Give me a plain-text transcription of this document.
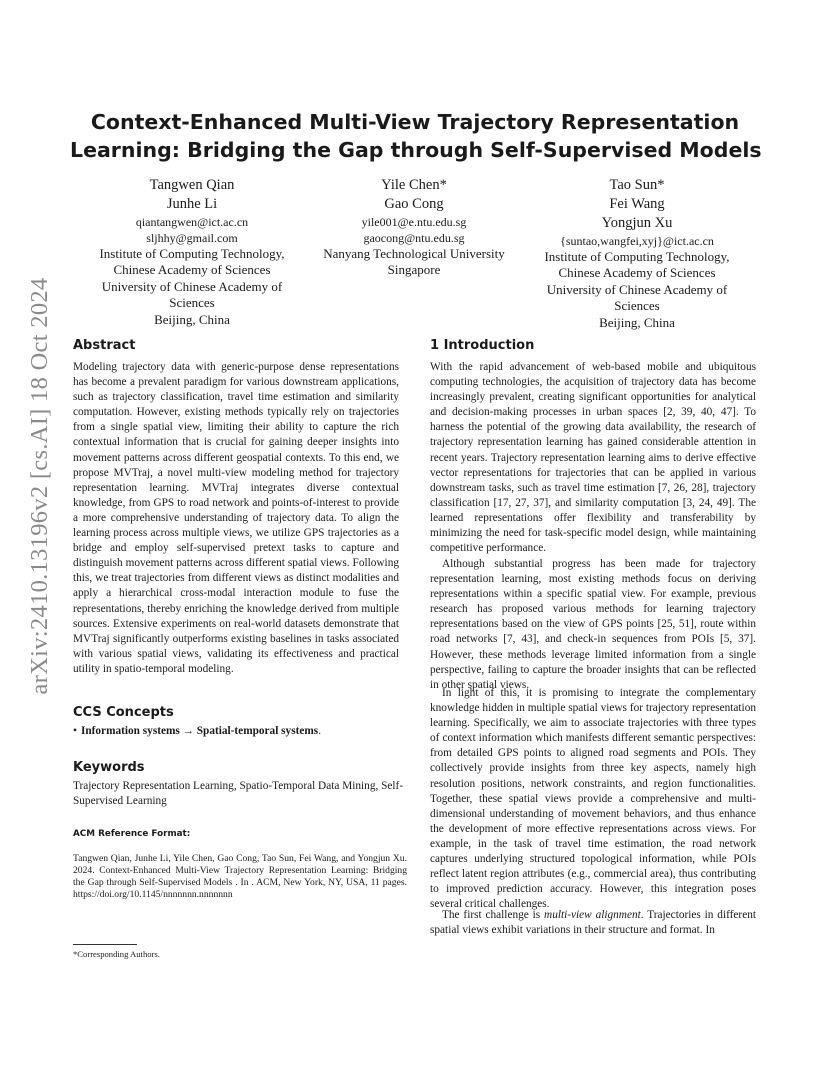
arXiv:2410.13196v2 [cs.AI] 18 Oct 2024
Context-Enhanced Multi-View Trajectory Representation
Learning: Bridging the Gap through Self-Supervised Models
Tangwen Qian
Junhe Li
qiantangwen@ict.ac.cn
sljhhy@gmail.com
Institute of Computing Technology,
Chinese Academy of Sciences
University of Chinese Academy of
Sciences
Beijing, China
Yile Chen*
Gao Cong
yile001@e.ntu.edu.sg
gaocong@ntu.edu.sg
Nanyang Technological University
Singapore
Tao Sun*
Fei Wang
Yongjun Xu
{suntao,wangfei,xyj}@ict.ac.cn
Institute of Computing Technology,
Chinese Academy of Sciences
University of Chinese Academy of
Sciences
Beijing, China
Abstract

Modeling trajectory data with generic-purpose dense representations has become a prevalent paradigm for various downstream applications, such as trajectory classification, travel time estimation and similarity computation. However, existing methods typically rely on trajectories from a single spatial view, limiting their ability to capture the rich contextual information that is crucial for gaining deeper insights into movement patterns across different geospatial contexts. To this end, we propose MVTraj, a novel multi-view modeling method for trajectory representation learning. MVTraj integrates diverse contextual knowledge, from GPS to road network and points-of-interest to provide a more comprehensive understanding of trajectory data. To align the learning process across multiple views, we utilize GPS trajectories as a bridge and employ self-supervised pretext tasks to capture and distinguish movement patterns across different spatial views. Following this, we treat trajectories from different views as distinct modalities and apply a hierarchical cross-modal interaction module to fuse the representations, thereby enriching the knowledge derived from multiple sources. Extensive experiments on real-world datasets demonstrate that MVTraj significantly outperforms existing baselines in tasks associated with various spatial views, validating its effectiveness and practical utility in spatio-temporal modeling.

CCS Concepts
• Information systems → Spatial-temporal systems.
Keywords

Trajectory Representation Learning, Spatio-Temporal Data Mining, Self-Supervised Learning

ACM Reference Format:

Tangwen Qian, Junhe Li, Yile Chen, Gao Cong, Tao Sun, Fei Wang, and Yongjun Xu. 2024. Context-Enhanced Multi-View Trajectory Representation Learning: Bridging the Gap through Self-Supervised Models . In . ACM, New York, NY, USA, 11 pages. https://doi.org/10.1145/nnnnnnn.nnnnnnn

*Corresponding Authors.
1 Introduction

With the rapid advancement of web-based mobile and ubiquitous computing technologies, the acquisition of trajectory data has become increasingly prevalent, creating significant opportunities for analytical and decision-making processes in urban spaces [2, 39, 40, 47]. To harness the potential of the growing data availability, the research of trajectory representation learning has gained considerable attention in recent years. Trajectory representation learning aims to derive effective vector representations for trajectories that can be applied in various downstream tasks, such as travel time estimation [7, 26, 28], trajectory classification [17, 27, 37], and similarity computation [3, 24, 49]. The learned representations offer flexibility and transferability by minimizing the need for task-specific model design, while maintaining competitive performance.

Although substantial progress has been made for trajectory representation learning, most existing methods focus on deriving representations within a specific spatial view. For example, previous research has proposed various methods for learning trajectory representations based on the view of GPS points [25, 51], route within road networks [7, 43], and check-in sequences from POIs [5, 37]. However, these methods leverage limited information from a single perspective, failing to capture the broader insights that can be reflected in other spatial views.

In light of this, it is promising to integrate the complementary knowledge hidden in multiple spatial views for trajectory representation learning. Specifically, we aim to associate trajectories with three types of context information which manifests different semantic perspectives: from detailed GPS points to aligned road segments and POIs. They collectively provide insights from three key aspects, namely high resolution positions, network constraints, and region functionalities. Together, these spatial views provide a comprehensive and multi-dimensional understanding of movement behaviors, and thus enhance the development of more effective representations across views. For example, in the task of travel time estimation, the road network captures underlying structured topological information, while POIs reflect latent region attributes (e.g., commercial area), thus contributing to improved prediction accuracy. However, this integration poses several critical challenges.

The first challenge is multi-view alignment. Trajectories in different spatial views exhibit variations in their structure and format. In
